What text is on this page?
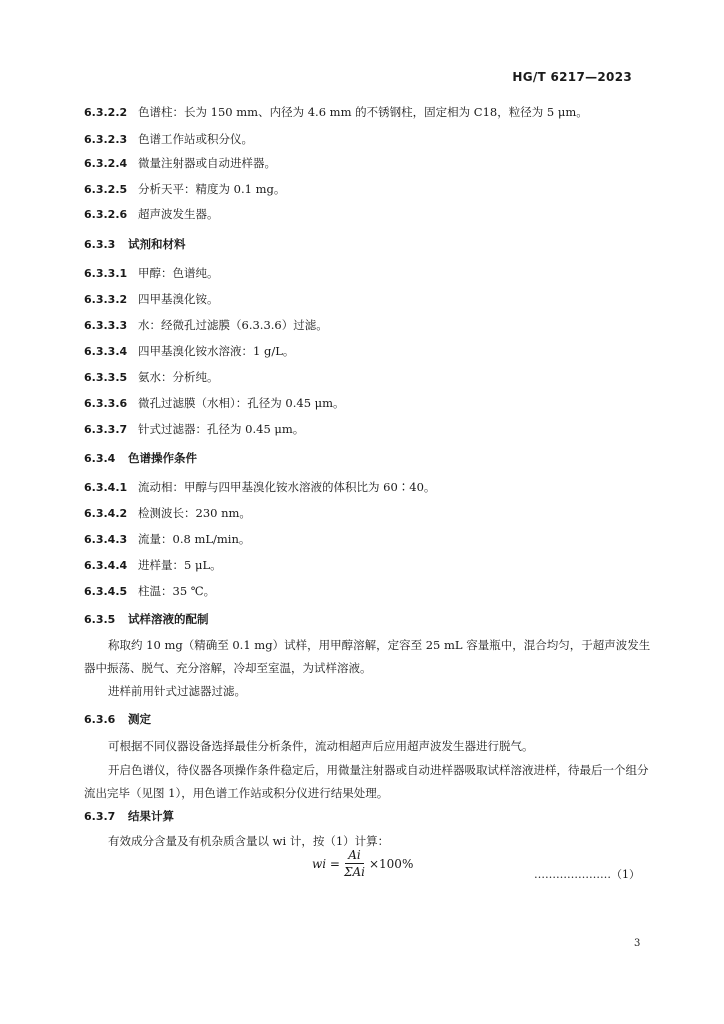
HG/T 6217—2023
6.3.2.2 色谱柱：长为 150 mm、内径为 4.6 mm 的不锈钢柱，固定相为 C18，粒径为 5 μm。
6.3.2.3 色谱工作站或积分仪。
6.3.2.4 微量注射器或自动进样器。
6.3.2.5 分析天平：精度为 0.1 mg。
6.3.2.6 超声波发生器。
6.3.3 试剂和材料
6.3.3.1 甲醇：色谱纯。
6.3.3.2 四甲基溴化铵。
6.3.3.3 水：经微孔过滤膜（6.3.3.6）过滤。
6.3.3.4 四甲基溴化铵水溶液：1 g/L。
6.3.3.5 氨水：分析纯。
6.3.3.6 微孔过滤膜（水相）：孔径为 0.45 μm。
6.3.3.7 针式过滤器：孔径为 0.45 μm。
6.3.4 色谱操作条件
6.3.4.1 流动相：甲醇与四甲基溴化铵水溶液的体积比为 60∶40。
6.3.4.2 检测波长：230 nm。
6.3.4.3 流量：0.8 mL/min。
6.3.4.4 进样量：5 μL。
6.3.4.5 柱温：35 ℃。
6.3.5 试样溶液的配制
称取约 10 mg（精确至 0.1 mg）试样，用甲醇溶解，定容至 25 mL 容量瓶中，混合均匀，于超声波发生器中振荡、脱气、充分溶解，冷却至室温，为试样溶液。
进样前用针式过滤器过滤。
6.3.6 测定
可根据不同仪器设备选择最佳分析条件，流动相超声后应用超声波发生器进行脱气。
开启色谱仪，待仪器各项操作条件稳定后，用微量注射器或自动进样器吸取试样溶液进样，待最后一个组分流出完毕（见图 1），用色谱工作站或积分仪进行结果处理。
6.3.7 结果计算
有效成分含量及有机杂质含量以 wi 计，按（1）计算：
wi = $\frac{Ai}{\text{ΣAi}} \times 100\%$
…………………（1）
3
